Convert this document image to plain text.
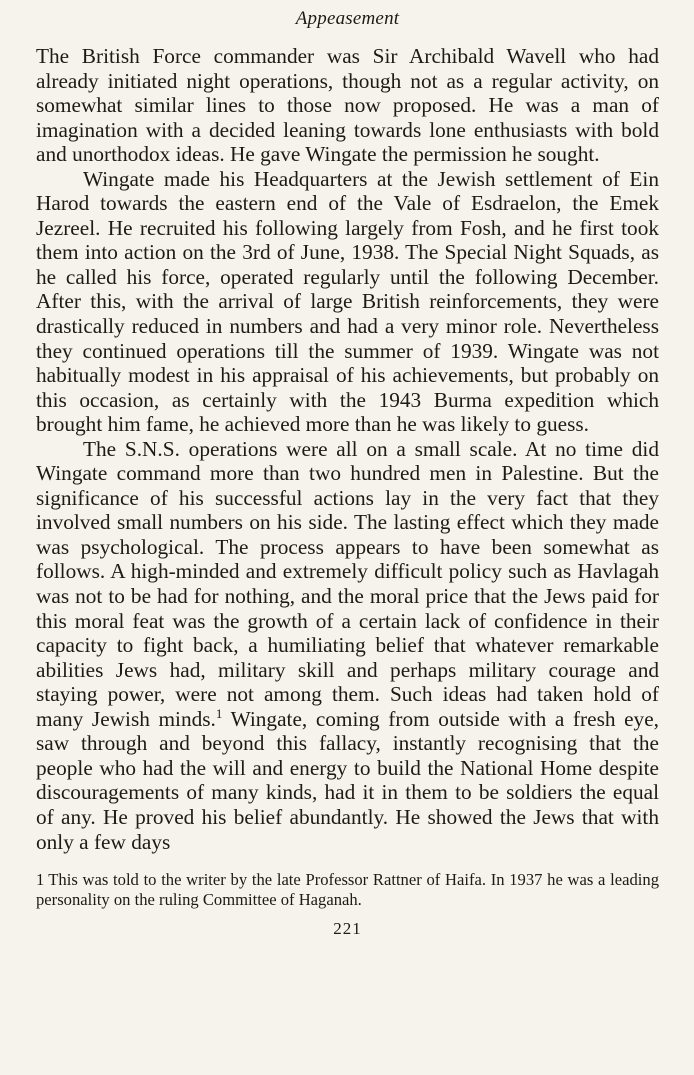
Appeasement

The British Force commander was Sir Archibald Wavell who had already initiated night operations, though not as a regular activity, on somewhat similar lines to those now proposed. He was a man of imagination with a decided leaning towards lone enthusiasts with bold and unorthodox ideas. He gave Wingate the permission he sought.

Wingate made his Headquarters at the Jewish settlement of Ein Harod towards the eastern end of the Vale of Esdraelon, the Emek Jezreel. He recruited his following largely from Fosh, and he first took them into action on the 3rd of June, 1938. The Special Night Squads, as he called his force, operated regularly until the following December. After this, with the arrival of large British reinforcements, they were drastically reduced in numbers and had a very minor role. Nevertheless they continued operations till the summer of 1939. Wingate was not habitually modest in his appraisal of his achievements, but probably on this occasion, as certainly with the 1943 Burma expedition which brought him fame, he achieved more than he was likely to guess.

The S.N.S. operations were all on a small scale. At no time did Wingate command more than two hundred men in Palestine. But the significance of his successful actions lay in the very fact that they involved small numbers on his side. The lasting effect which they made was psychological. The process appears to have been somewhat as follows. A high-minded and extremely difficult policy such as Havlagah was not to be had for nothing, and the moral price that the Jews paid for this moral feat was the growth of a certain lack of confidence in their capacity to fight back, a humiliating belief that whatever remarkable abilities Jews had, military skill and perhaps military courage and staying power, were not among them. Such ideas had taken hold of many Jewish minds.$^1$ Wingate, coming from outside with a fresh eye, saw through and beyond this fallacy, instantly recognising that the people who had the will and energy to build the National Home despite discouragements of many kinds, had it in them to be soldiers the equal of any. He proved his belief abundantly. He showed the Jews that with only a few days

1 This was told to the writer by the late Professor Rattner of Haifa. In 1937 he was a leading personality on the ruling Committee of Haganah.
221
